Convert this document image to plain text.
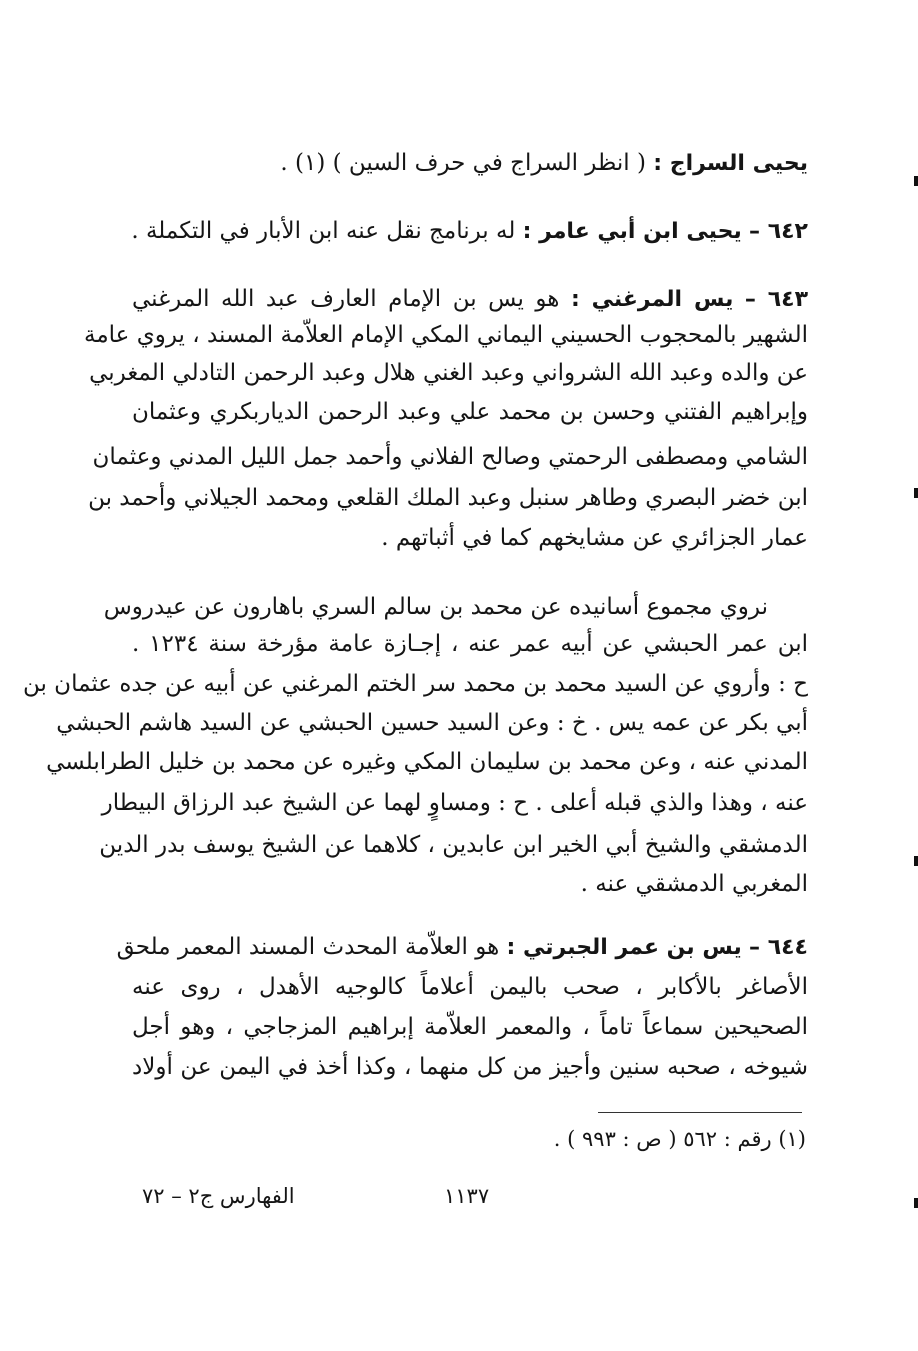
يحيى السراج : ( انظر السراج في حرف السين ) (١) .
٦٤٢ – يحيى ابن أبي عامر : له برنامج نقل عنه ابن الأبار في التكملة .
٦٤٣ – يس المرغني : هو يس بن الإمام العارف عبد الله المرغني
الشهير بالمحجوب الحسيني اليماني المكي الإمام العلاّمة المسند ، يروي عامة
عن والده وعبد الله الشرواني وعبد الغني هلال وعبد الرحمن التادلي المغربي
وإبراهيم الفتني وحسن بن محمد علي وعبد الرحمن الدياربكري وعثمان
الشامي ومصطفى الرحمتي وصالح الفلاني وأحمد جمل الليل المدني وعثمان
ابن خضر البصري وطاهر سنبل وعبد الملك القلعي ومحمد الجيلاني وأحمد بن
عمار الجزائري عن مشايخهم كما في أثباتهم .
نروي مجموع أسانيده عن محمد بن سالم السري باهارون عن عيدروس
ابن عمر الحبشي عن أبيه عمر عنه ، إجـازة عامة مؤرخة سنة ١٢٣٤ .
ح : وأروي عن السيد محمد بن محمد سر الختم المرغني عن أبيه عن جده عثمان بن
أبي بكر عن عمه يس . خ : وعن السيد حسين الحبشي عن السيد هاشم الحبشي
المدني عنه ، وعن محمد بن سليمان المكي وغيره عن محمد بن خليل الطرابلسي
عنه ، وهذا والذي قبله أعلى . ح : ومساوٍ لهما عن الشيخ عبد الرزاق البيطار
الدمشقي والشيخ أبي الخير ابن عابدين ، كلاهما عن الشيخ يوسف بدر الدين
المغربي الدمشقي عنه .
٦٤٤ – يس بن عمر الجبرتي : هو العلاّمة المحدث المسند المعمر ملحق
الأصاغر بالأكابر ، صحب باليمن أعلاماً كالوجيه الأهدل ، روى عنه
الصحيحين سماعاً تاماً ، والمعمر العلاّمة إبراهيم المزجاجي ، وهو أجل
شيوخه ، صحبه سنين وأجيز من كل منهما ، وكذا أخذ في اليمن عن أولاد
(١) رقم : ٥٦٢ ( ص : ٩٩٣ ) .
١١٣٧
الفهارس ج٢ – ٧٢
